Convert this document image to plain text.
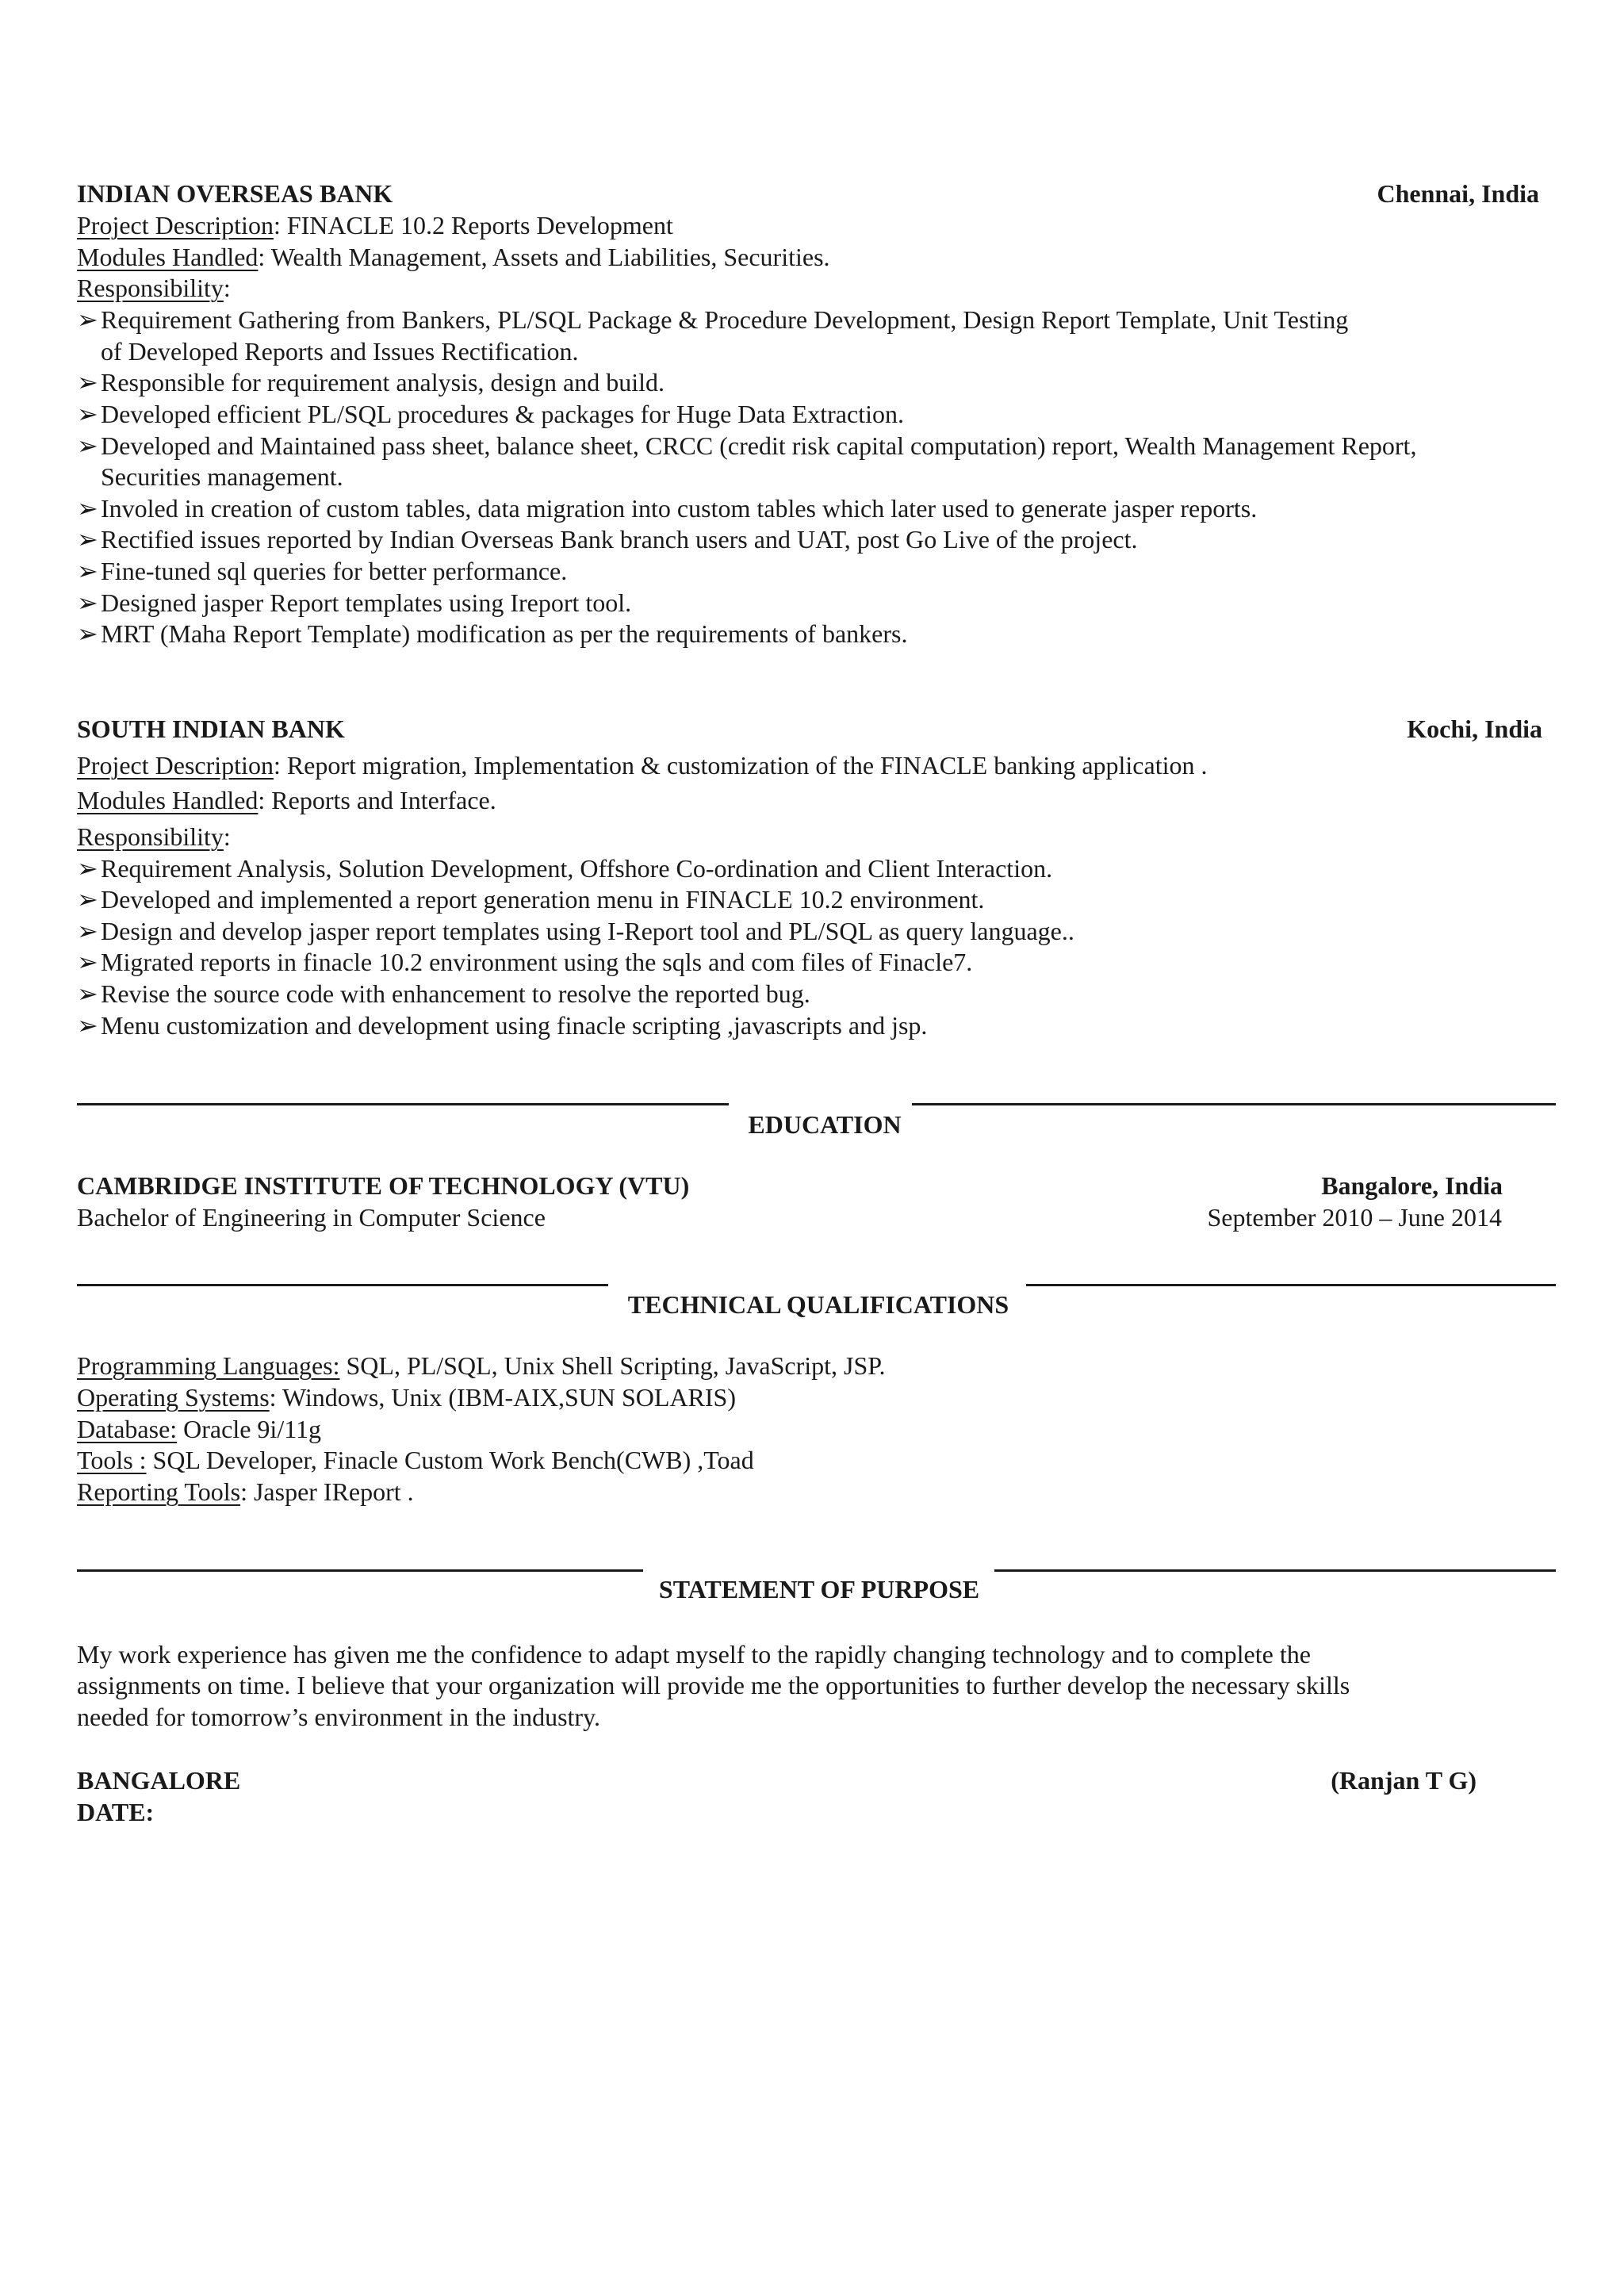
INDIAN OVERSEAS BANK	Chennai, India
Project Description: FINACLE 10.2 Reports Development
Modules Handled: Wealth Management, Assets and Liabilities, Securities.
Responsibility:
➢ Requirement Gathering from Bankers, PL/SQL Package & Procedure Development, Design Report Template, Unit Testing
of Developed Reports and Issues Rectification.
➢ Responsible for requirement analysis, design and build.
➢ Developed efficient PL/SQL procedures & packages for Huge Data Extraction.
➢ Developed and Maintained pass sheet, balance sheet, CRCC (credit risk capital computation) report, Wealth Management Report,
Securities management.
➢ Involed in creation of custom tables, data migration into custom tables which later used to generate jasper reports.
➢ Rectified issues reported by Indian Overseas Bank branch users and UAT, post Go Live of the project.
➢ Fine-tuned sql queries for better performance.
➢ Designed jasper Report templates using Ireport tool.
➢ MRT (Maha Report Template) modification as per the requirements of bankers.
SOUTH INDIAN BANK	Kochi, India
Project Description: Report migration, Implementation & customization of the FINACLE banking application .
Modules Handled: Reports and Interface.
Responsibility:
➢ Requirement Analysis, Solution Development, Offshore Co-ordination and Client Interaction.
➢ Developed and implemented a report generation menu in FINACLE 10.2 environment.
➢ Design and develop jasper report templates using I-Report tool and PL/SQL as query language..
➢ Migrated reports in finacle 10.2 environment using the sqls and com files of Finacle7.
➢ Revise the source code with enhancement to resolve the reported bug.
➢ Menu customization and development using finacle scripting ,javascripts and jsp.
EDUCATION
CAMBRIDGE INSTITUTE OF TECHNOLOGY (VTU)	Bangalore, India
Bachelor of Engineering in Computer Science	September 2010 – June 2014
TECHNICAL QUALIFICATIONS
Programming Languages: SQL, PL/SQL, Unix Shell Scripting, JavaScript, JSP.
Operating Systems: Windows, Unix (IBM-AIX,SUN SOLARIS)
Database: Oracle 9i/11g
Tools : SQL Developer, Finacle Custom Work Bench(CWB) ,Toad
Reporting Tools: Jasper IReport .
STATEMENT OF PURPOSE
My work experience has given me the confidence to adapt myself to the rapidly changing technology and to complete the
assignments on time. I believe that your organization will provide me the opportunities to further develop the necessary skills
needed for tomorrow’s environment in the industry.
BANGALORE	(Ranjan T G)
DATE:
